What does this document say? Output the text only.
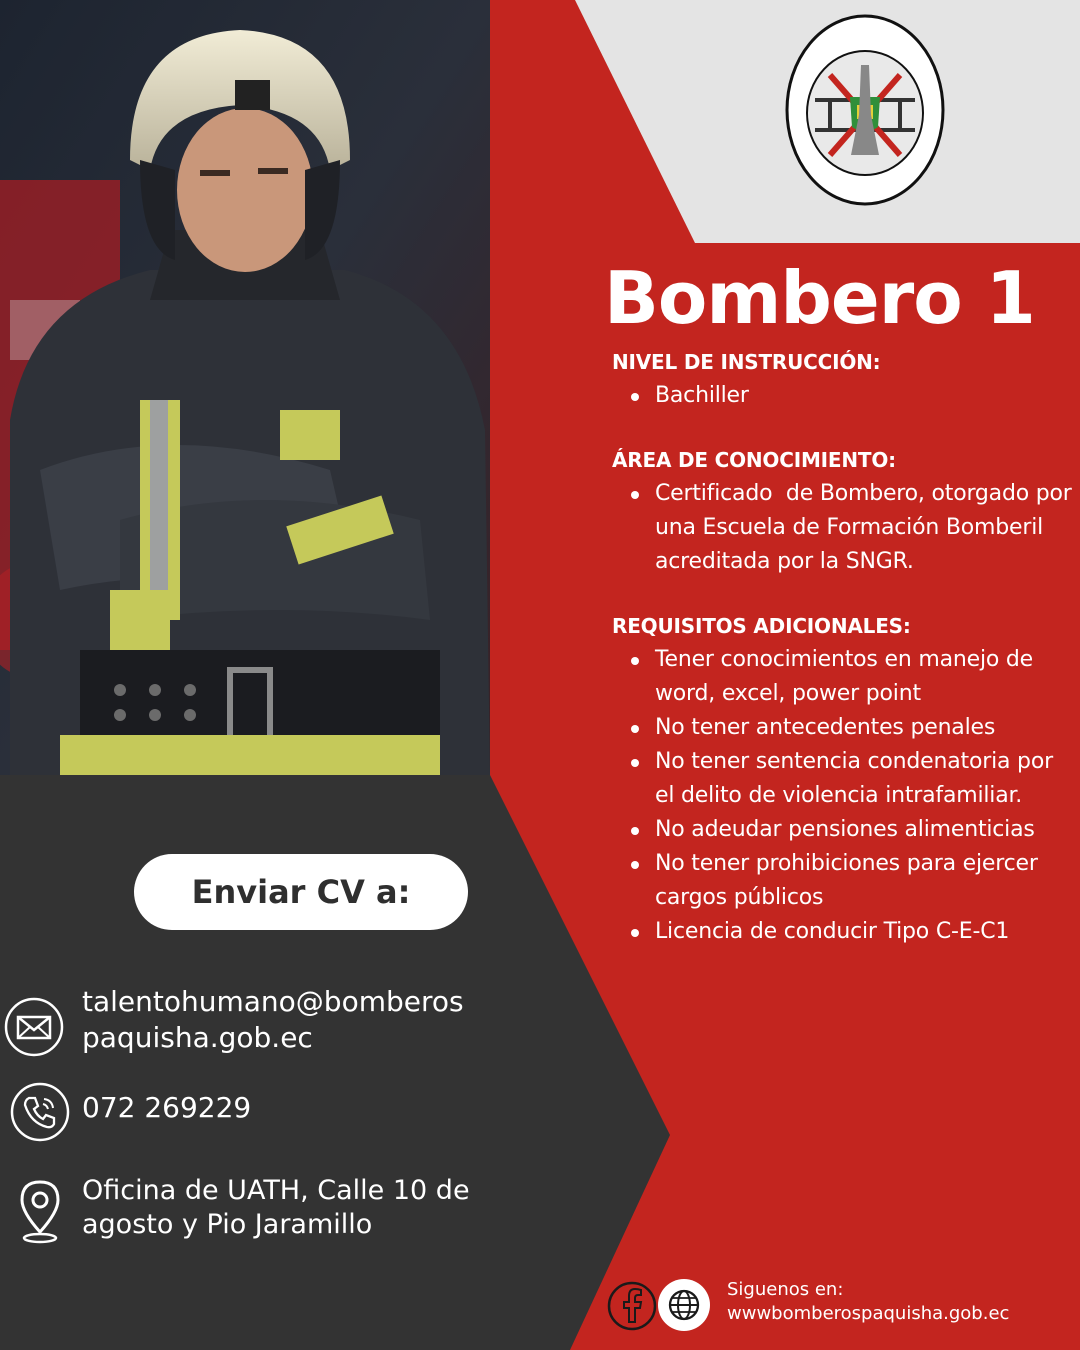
Bombero 1
NIVEL DE INSTRUCCIÓN:
Bachiller
ÁREA DE CONOCIMIENTO:
Certificado  de Bombero, otorgado por una Escuela de Formación Bomberil  acreditada por la SNGR.
REQUISITOS ADICIONALES:
Tener conocimientos en manejo de word, excel, power point
No tener antecedentes penales
No tener sentencia condenatoria por el delito de violencia intrafamiliar.
No adeudar pensiones alimenticias
No tener prohibiciones para ejercer cargos públicos
Licencia de conducir Tipo C-E-C1
Enviar CV a:
talentohumano@bomberos
paquisha.gob.ec
072 269229
Oficina de UATH, Calle 10 de
agosto y Pio Jaramillo
Siguenos en:
wwwbomberospaquisha.gob.ec
